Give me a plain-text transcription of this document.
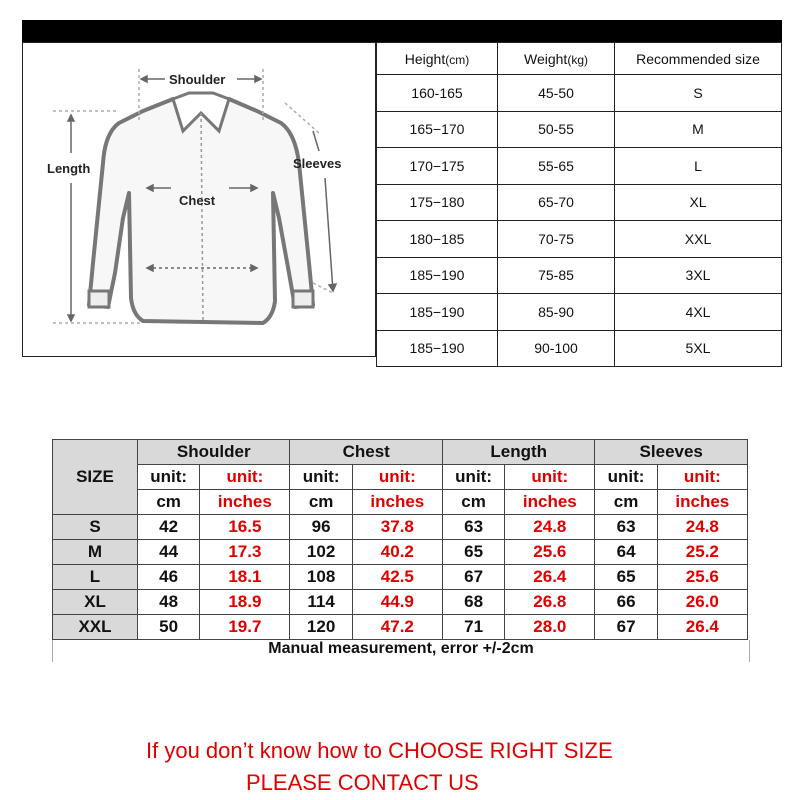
Shoulder
Length	Sleeves
Chest
Height(cm)	Weight(kg)	Recommended size
160-165	45-50	S
165−170	50-55	M
170−175	55-65	L
175−180	65-70	XL
180−185	70-75	XXL
185−190	75-85	3XL
185−190	85-90	4XL
185−190	90-100	5XL
SIZE	Shoulder		Chest		Length		Sleeves	
	unit:	unit:	unit:	unit:	unit:	unit:	unit:	unit:
	cm	inches	cm	inches	cm	inches	cm	inches
S	42	16.5	96	37.8	63	24.8	63	24.8
M	44	17.3	102	40.2	65	25.6	64	25.2
L	46	18.1	108	42.5	67	26.4	65	25.6
XL	48	18.9	114	44.9	68	26.8	66	26.0
XXL	50	19.7	120	47.2	71	28.0	67	26.4
Manual measurement, error +/-2cm
If you don’t know how to CHOOSE RIGHT SIZE
PLEASE CONTACT US
